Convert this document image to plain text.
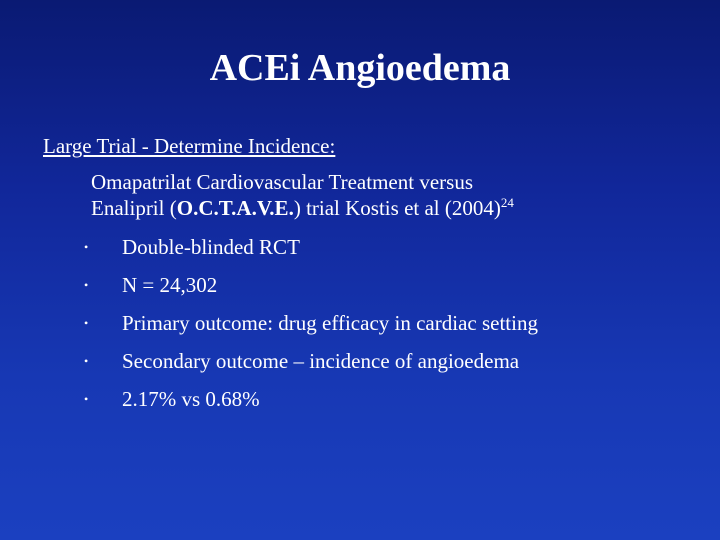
ACEi Angioedema
Large Trial - Determine Incidence:
Omapatrilat Cardiovascular Treatment versus
Enalipril (O.C.T.A.V.E.) trial Kostis et al $(2004)^{24}$
• Double-blinded RCT
• N = 24,302
• Primary outcome: drug efficacy in cardiac setting
• Secondary outcome – incidence of angioedema
• 2.17% vs 0.68%
